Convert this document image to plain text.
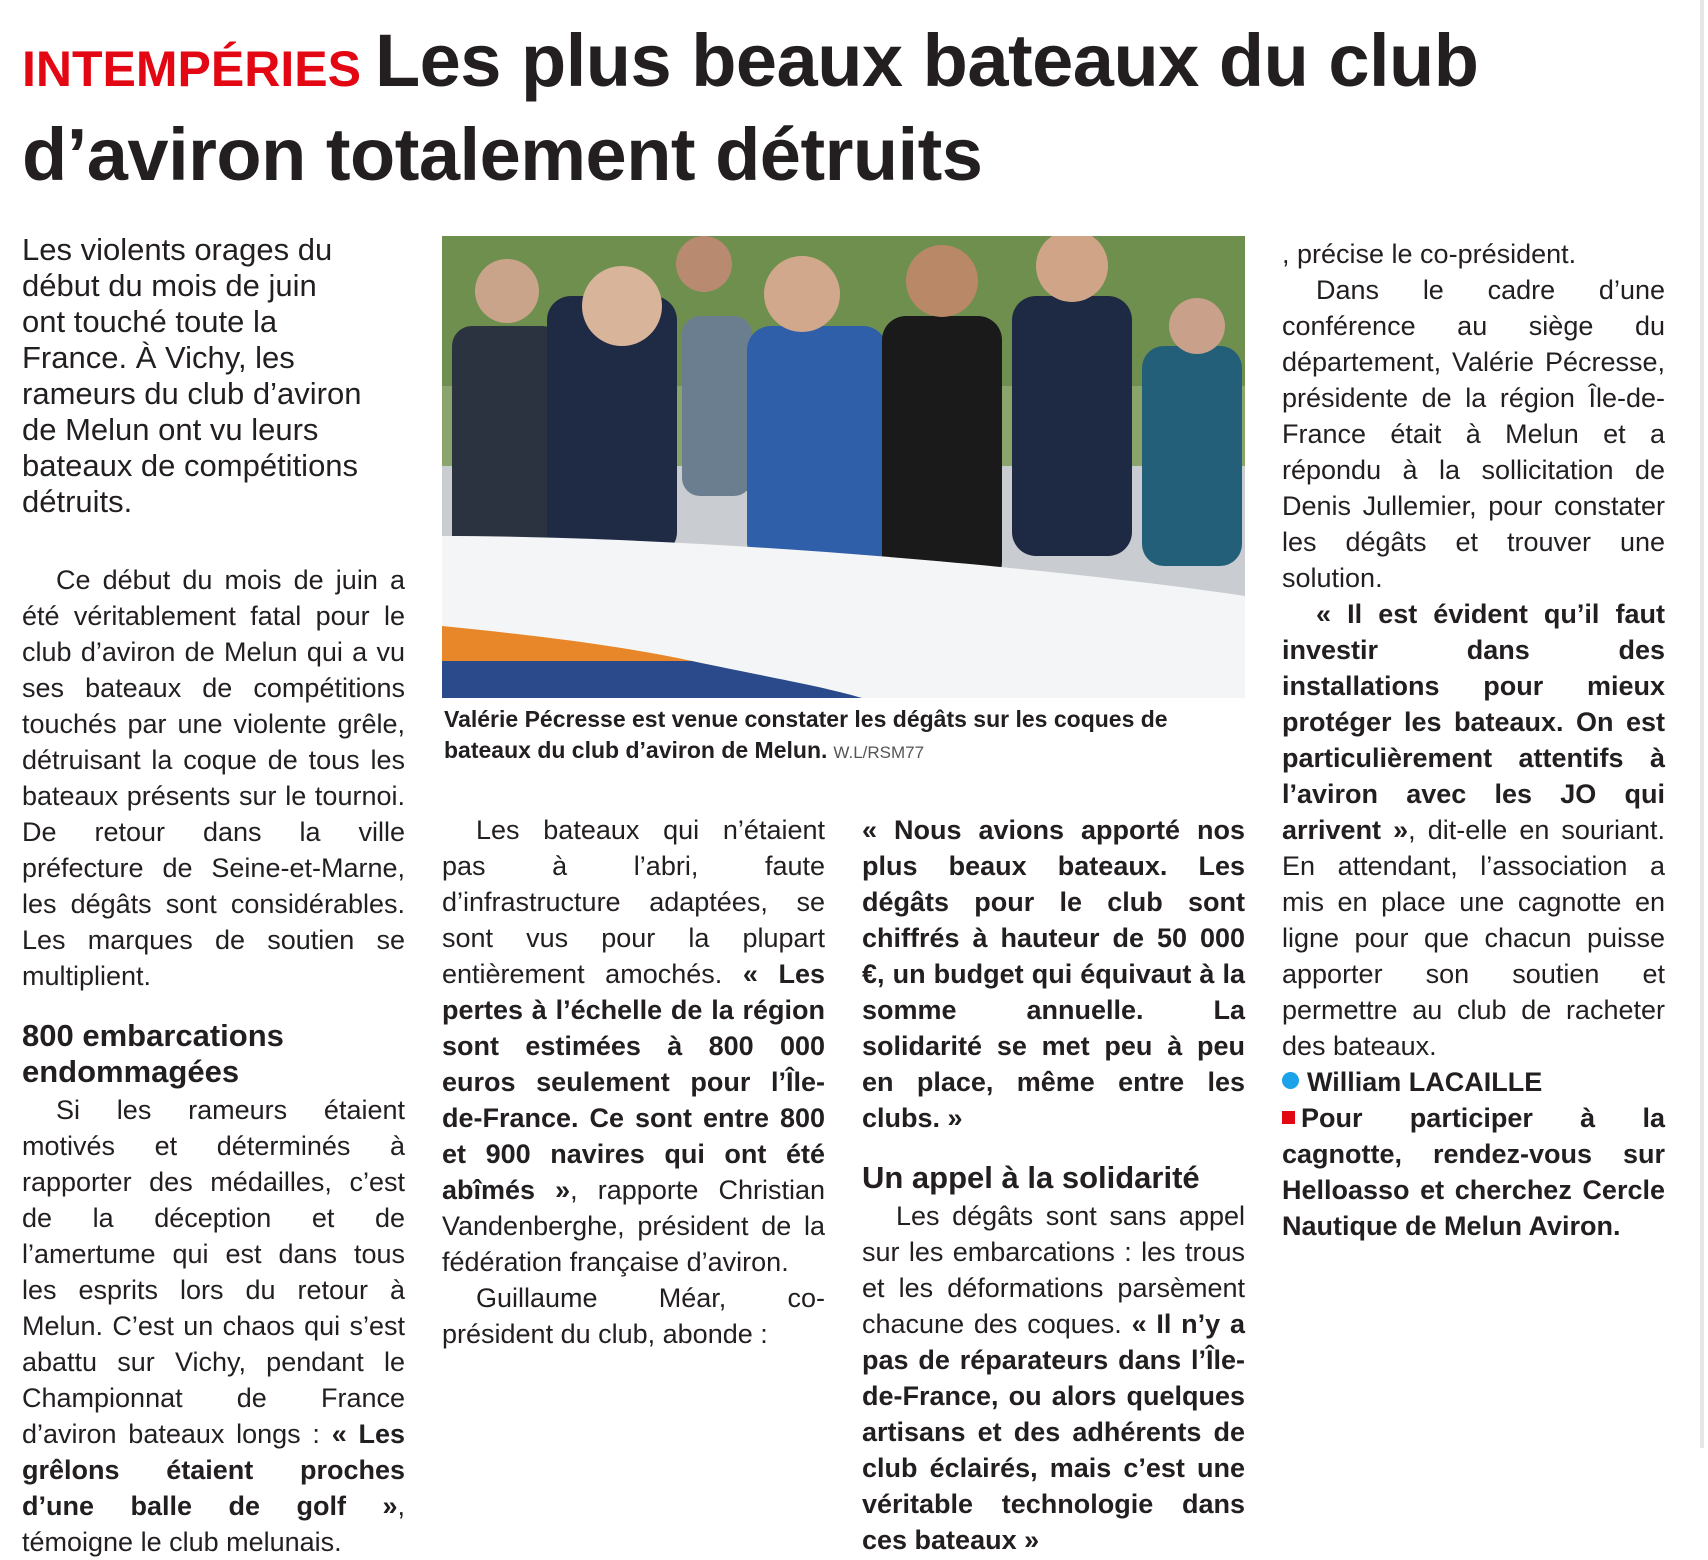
INTEMPÉRIES Les plus beaux bateaux du club d’aviron totalement détruits

Les violents orages du début du mois de juin ont touché toute la France. À Vichy, les rameurs du club d’aviron de Melun ont vu leurs bateaux de compétitions détruits.

Ce début du mois de juin a été véritablement fatal pour le club d’aviron de Melun qui a vu ses bateaux de compétitions touchés par une violente grêle, détruisant la coque de tous les bateaux présents sur le tournoi. De retour dans la ville préfecture de Seine-et-Marne, les dégâts sont considérables. Les marques de soutien se multiplient.

800 embarcations endommagées

Si les rameurs étaient motivés et déterminés à rapporter des médailles, c’est de la déception et de l’amertume qui est dans tous les esprits lors du retour à Melun. C’est un chaos qui s’est abattu sur Vichy, pendant le Championnat de France d’aviron bateaux longs : « Les grêlons étaient proches d’une balle de golf », témoigne le club melunais.

Valérie Pécresse est venue constater les dégâts sur les coques de bateaux du club d’aviron de Melun. W.L/RSM77

Les bateaux qui n’étaient pas à l’abri, faute d’infrastructure adaptées, se sont vus pour la plupart entièrement amochés. « Les pertes à l’échelle de la région sont estimées à 800 000 euros seulement pour l’Île-de-France. Ce sont entre 800 et 900 navires qui ont été abîmés », rapporte Christian Vandenberghe, président de la fédération française d’aviron.

Guillaume Méar, co-président du club, abonde :

« Nous avions apporté nos plus beaux bateaux. Les dégâts pour le club sont chiffrés à hauteur de 50 000 €, un budget qui équivaut à la somme annuelle. La solidarité se met peu à peu en place, même entre les clubs. »

Un appel à la solidarité

Les dégâts sont sans appel sur les embarcations : les trous et les déformations parsèment chacune des coques. « Il n’y a pas de réparateurs dans l’Île-de-France, ou alors quelques artisans et des adhérents de club éclairés, mais c’est une véritable technologie dans ces bateaux »

, précise le co-président.

Dans le cadre d’une conférence au siège du département, Valérie Pécresse, présidente de la région Île-de-France était à Melun et a répondu à la sollicitation de Denis Jullemier, pour constater les dégâts et trouver une solution.

« Il est évident qu’il faut investir dans des installations pour mieux protéger les bateaux. On est particulièrement attentifs à l’aviron avec les JO qui arrivent », dit-elle en souriant. En attendant, l’association a mis en place une cagnotte en ligne pour que chacun puisse apporter son soutien et permettre au club de racheter des bateaux.

William LACAILLE

Pour participer à la cagnotte, rendez-vous sur Helloasso et cherchez Cercle Nautique de Melun Aviron.
